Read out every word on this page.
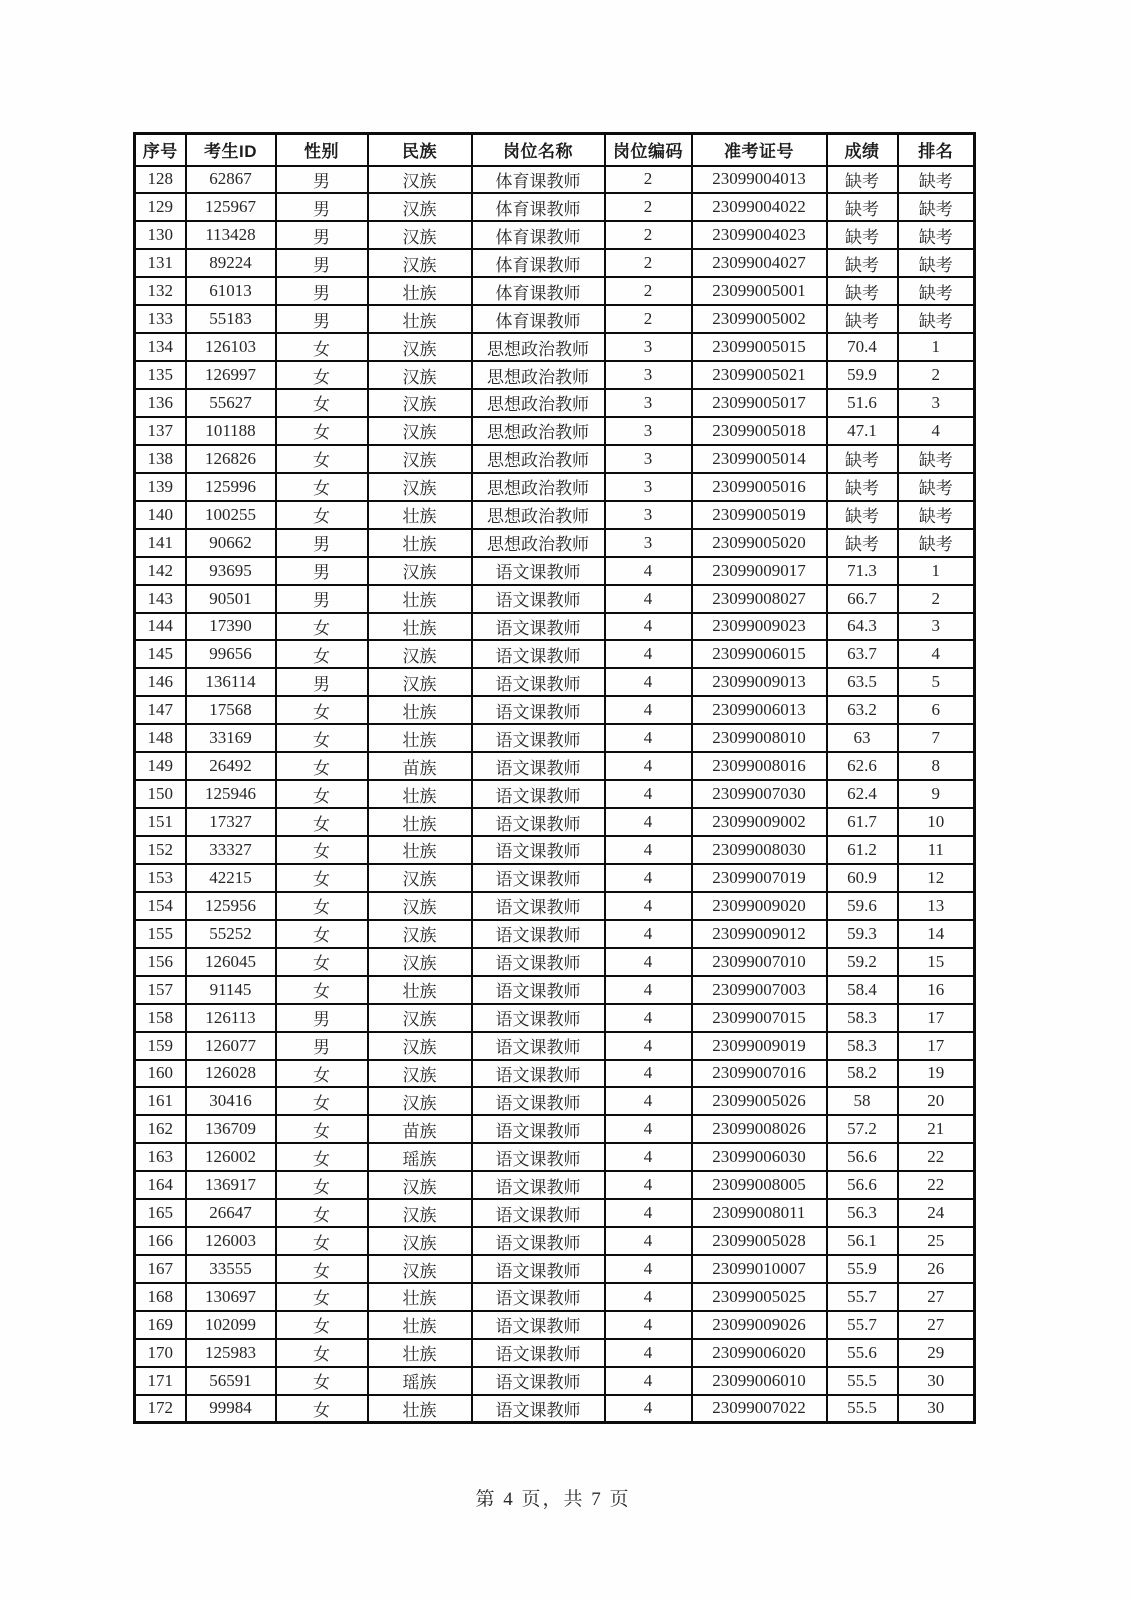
序号	考生ID	性别	民族	岗位名称	岗位编码	准考证号	成绩	排名
128	62867	男	汉族	体育课教师	2	23099004013	缺考	缺考
129	125967	男	汉族	体育课教师	2	23099004022	缺考	缺考
130	113428	男	汉族	体育课教师	2	23099004023	缺考	缺考
131	89224	男	汉族	体育课教师	2	23099004027	缺考	缺考
132	61013	男	壮族	体育课教师	2	23099005001	缺考	缺考
133	55183	男	壮族	体育课教师	2	23099005002	缺考	缺考
134	126103	女	汉族	思想政治教师	3	23099005015	70.4	1
135	126997	女	汉族	思想政治教师	3	23099005021	59.9	2
136	55627	女	汉族	思想政治教师	3	23099005017	51.6	3
137	101188	女	汉族	思想政治教师	3	23099005018	47.1	4
138	126826	女	汉族	思想政治教师	3	23099005014	缺考	缺考
139	125996	女	汉族	思想政治教师	3	23099005016	缺考	缺考
140	100255	女	壮族	思想政治教师	3	23099005019	缺考	缺考
141	90662	男	壮族	思想政治教师	3	23099005020	缺考	缺考
142	93695	男	汉族	语文课教师	4	23099009017	71.3	1
143	90501	男	壮族	语文课教师	4	23099008027	66.7	2
144	17390	女	壮族	语文课教师	4	23099009023	64.3	3
145	99656	女	汉族	语文课教师	4	23099006015	63.7	4
146	136114	男	汉族	语文课教师	4	23099009013	63.5	5
147	17568	女	壮族	语文课教师	4	23099006013	63.2	6
148	33169	女	壮族	语文课教师	4	23099008010	63	7
149	26492	女	苗族	语文课教师	4	23099008016	62.6	8
150	125946	女	壮族	语文课教师	4	23099007030	62.4	9
151	17327	女	壮族	语文课教师	4	23099009002	61.7	10
152	33327	女	壮族	语文课教师	4	23099008030	61.2	11
153	42215	女	汉族	语文课教师	4	23099007019	60.9	12
154	125956	女	汉族	语文课教师	4	23099009020	59.6	13
155	55252	女	汉族	语文课教师	4	23099009012	59.3	14
156	126045	女	汉族	语文课教师	4	23099007010	59.2	15
157	91145	女	壮族	语文课教师	4	23099007003	58.4	16
158	126113	男	汉族	语文课教师	4	23099007015	58.3	17
159	126077	男	汉族	语文课教师	4	23099009019	58.3	17
160	126028	女	汉族	语文课教师	4	23099007016	58.2	19
161	30416	女	汉族	语文课教师	4	23099005026	58	20
162	136709	女	苗族	语文课教师	4	23099008026	57.2	21
163	126002	女	瑶族	语文课教师	4	23099006030	56.6	22
164	136917	女	汉族	语文课教师	4	23099008005	56.6	22
165	26647	女	汉族	语文课教师	4	23099008011	56.3	24
166	126003	女	汉族	语文课教师	4	23099005028	56.1	25
167	33555	女	汉族	语文课教师	4	23099010007	55.9	26
168	130697	女	壮族	语文课教师	4	23099005025	55.7	27
169	102099	女	壮族	语文课教师	4	23099009026	55.7	27
170	125983	女	壮族	语文课教师	4	23099006020	55.6	29
171	56591	女	瑶族	语文课教师	4	23099006010	55.5	30
172	99984	女	壮族	语文课教师	4	23099007022	55.5	30
第 4 页，共 7 页
